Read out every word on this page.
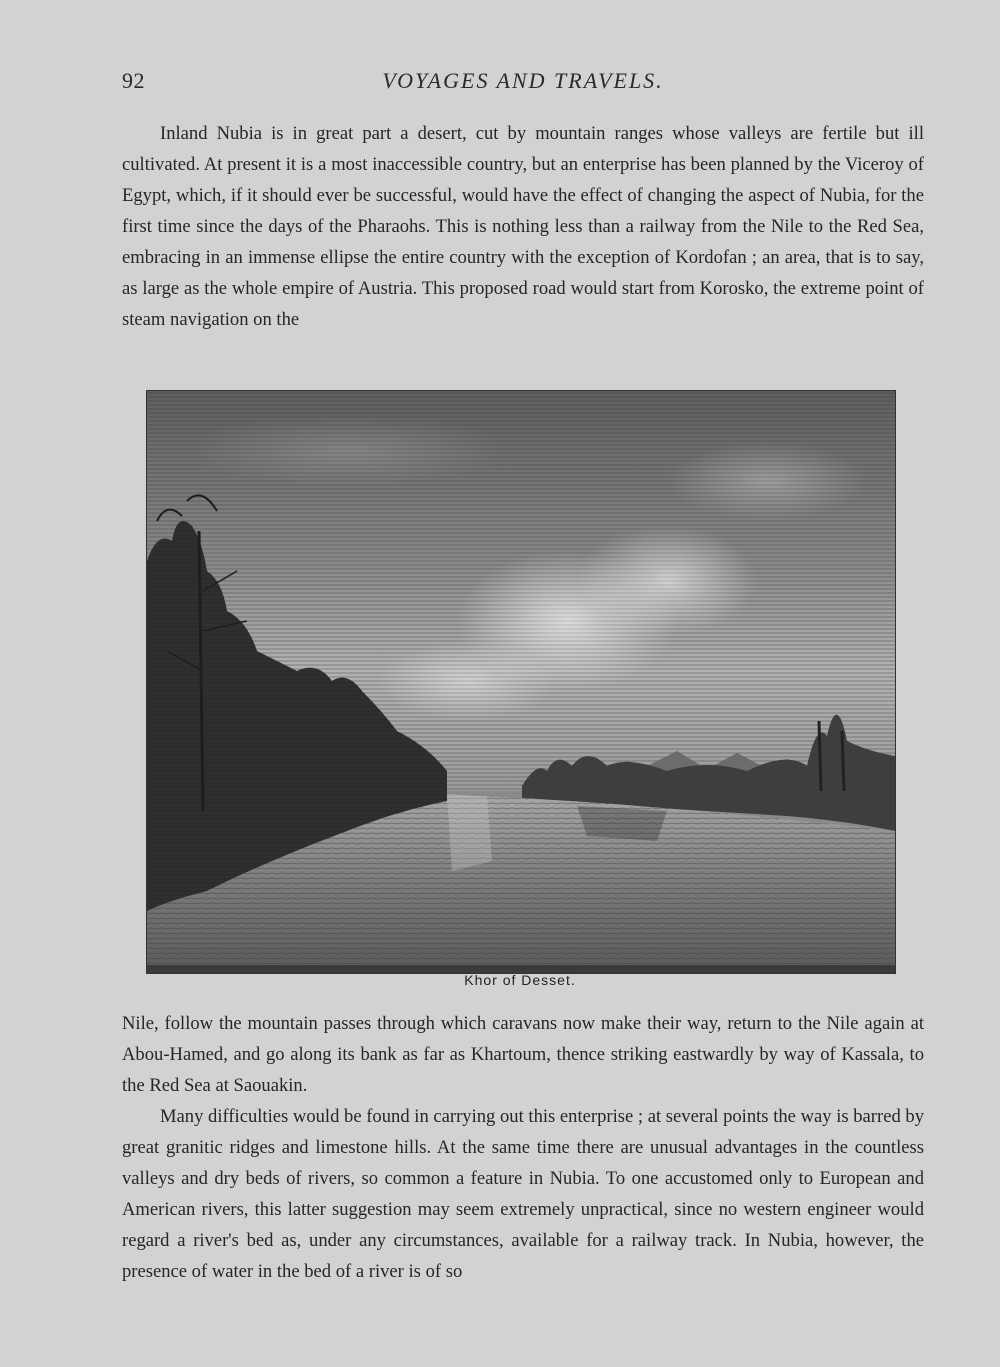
92	VOYAGES AND TRAVELS.

Inland Nubia is in great part a desert, cut by mountain ranges whose valleys are fertile but ill cultivated. At present it is a most inaccessible country, but an enterprise has been planned by the Viceroy of Egypt, which, if it should ever be successful, would have the effect of changing the aspect of Nubia, for the first time since the days of the Pharaohs. This is nothing less than a railway from the Nile to the Red Sea, embracing in an immense ellipse the entire country with the exception of Kordofan ; an area, that is to say, as large as the whole empire of Austria. This proposed road would start from Korosko, the extreme point of steam navigation on the

Khor of Desset.

Nile, follow the mountain passes through which caravans now make their way, return to the Nile again at Abou-Hamed, and go along its bank as far as Khartoum, thence striking eastwardly by way of Kassala, to the Red Sea at Saouakin.

Many difficulties would be found in carrying out this enterprise ; at several points the way is barred by great granitic ridges and limestone hills. At the same time there are unusual advantages in the countless valleys and dry beds of rivers, so common a feature in Nubia. To one accustomed only to European and American rivers, this latter suggestion may seem extremely unpractical, since no western engineer would regard a river's bed as, under any circumstances, available for a railway track. In Nubia, however, the presence of water in the bed of a river is of so
